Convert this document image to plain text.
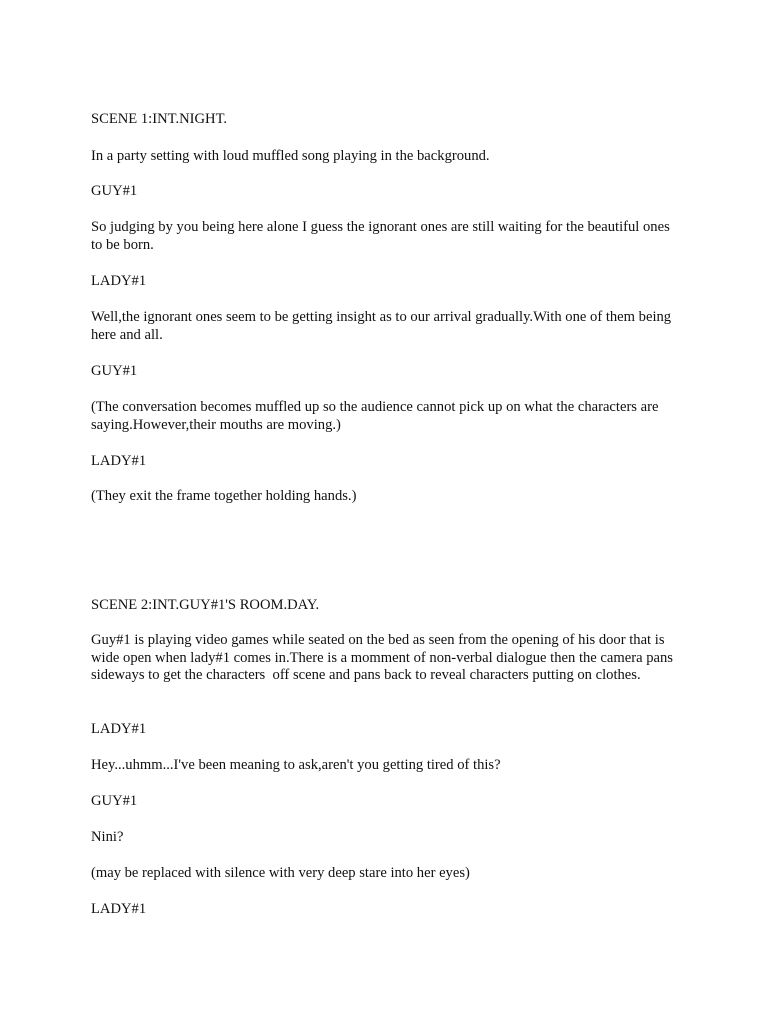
SCENE 1:INT.NIGHT.

In a party setting with loud muffled song playing in the background.

GUY#1

So judging by you being here alone I guess the ignorant ones are still waiting for the beautiful ones to be born.

LADY#1

Well,the ignorant ones seem to be getting insight as to our arrival gradually.With one of them being here and all.

GUY#1

(The conversation becomes muffled up so the audience cannot pick up on what the characters are saying.However,their mouths are moving.)

LADY#1

(They exit the frame together holding hands.)

SCENE 2:INT.GUY#1'S ROOM.DAY.

Guy#1 is playing video games while seated on the bed as seen from the opening of his door that is wide open when lady#1 comes in.There is a momment of non-verbal dialogue then the camera pans sideways to get the characters  off scene and pans back to reveal characters putting on clothes.

LADY#1

Hey...uhmm...I've been meaning to ask,aren't you getting tired of this?

GUY#1

Nini?

(may be replaced with silence with very deep stare into her eyes)

LADY#1
